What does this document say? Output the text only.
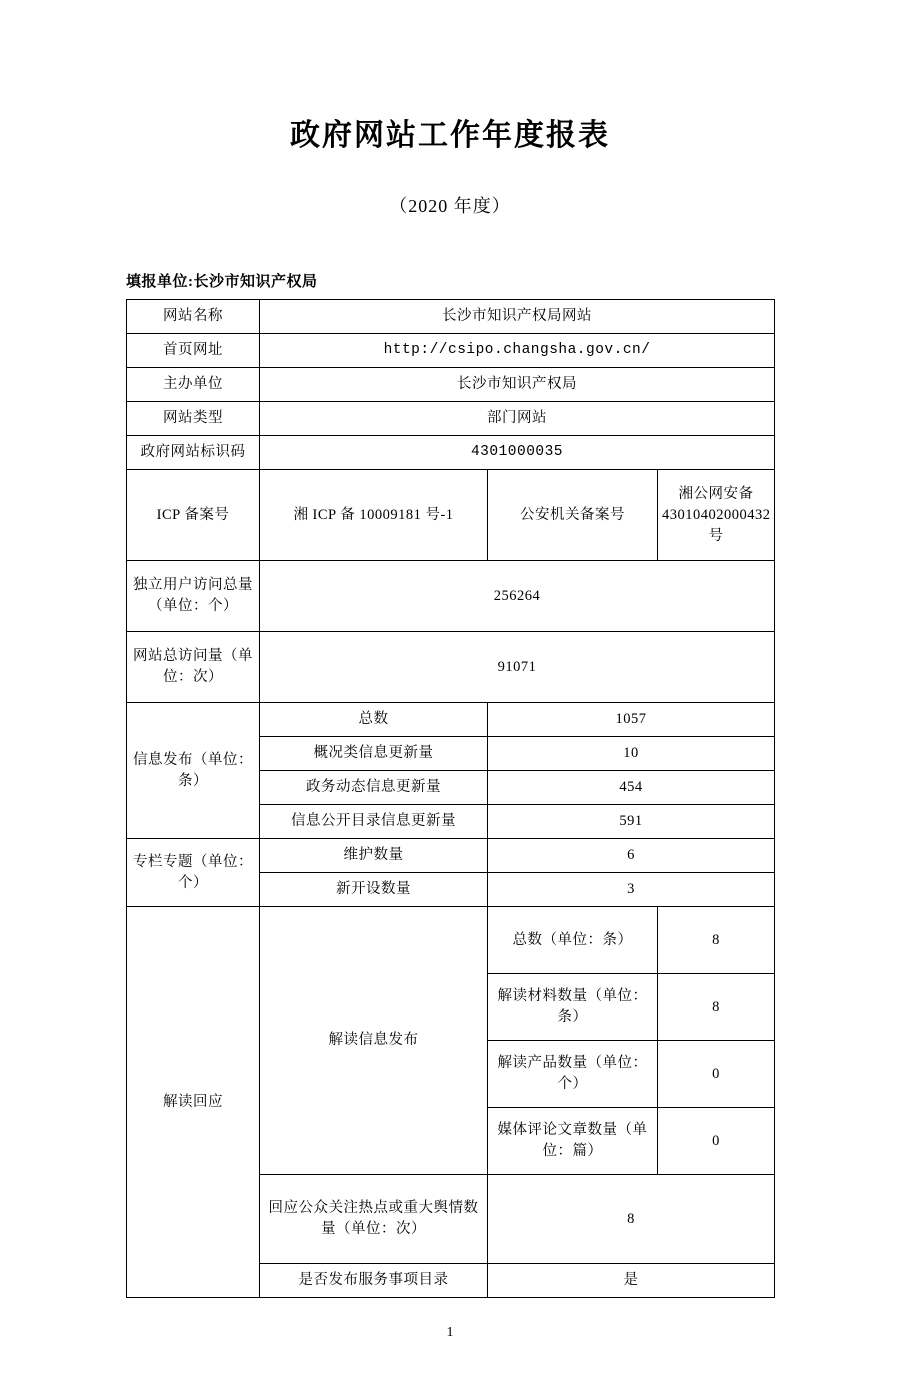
政府网站工作年度报表
（2020 年度）
填报单位:长沙市知识产权局
网站名称	长沙市知识产权局网站		
首页网址	http://csipo.changsha.gov.cn/		
主办单位	长沙市知识产权局		
网站类型	部门网站		
政府网站标识码	4301000035		
ICP 备案号	湘 ICP 备 10009181 号-1	公安机关备案号	湘公网安备 43010402000432 号
独立用户访问总量（单位：个）	256264		
网站总访问量（单位：次）	91071		
信息发布（单位：条）	总数	1057	
	概况类信息更新量	10	
	政务动态信息更新量	454	
	信息公开目录信息更新量	591	
专栏专题（单位：个）	维护数量	6	
	新开设数量	3	
解读回应	解读信息发布	总数（单位：条）	8
		解读材料数量（单位：条）	8
		解读产品数量（单位：个）	0
		媒体评论文章数量（单位：篇）	0
	回应公众关注热点或重大舆情数量（单位：次）	8	
	是否发布服务事项目录	是	
1
